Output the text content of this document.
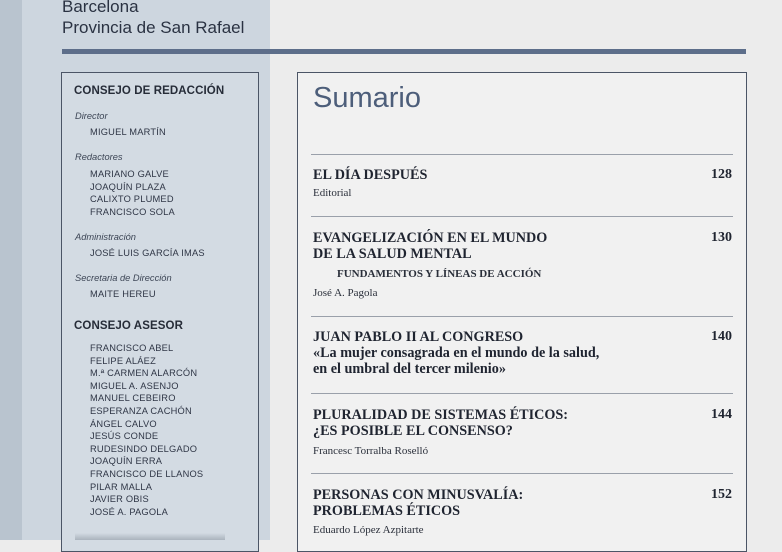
Barcelona
Provincia de San Rafael
CONSEJO DE REDACCIÓN
Director
MIGUEL MARTÍN
Redactores
MARIANO GALVE
JOAQUÍN PLAZA
CALIXTO PLUMED
FRANCISCO SOLA
Administración
JOSÉ LUIS GARCÍA IMAS
Secretaria de Dirección
MAITE HEREU
CONSEJO ASESOR
FRANCISCO ABEL
FELIPE ALÁEZ
M.ª CARMEN ALARCÓN
MIGUEL A. ASENJO
MANUEL CEBEIRO
ESPERANZA CACHÓN
ÁNGEL CALVO
JESÚS CONDE
RUDESINDO DELGADO
JOAQUÍN ERRA
FRANCISCO DE LLANOS
PILAR MALLA
JAVIER OBIS
JOSÉ A. PAGOLA
Sumario
EL DÍA DESPUÉS	128
Editorial
EVANGELIZACIÓN EN EL MUNDO
DE LA SALUD MENTAL
130
FUNDAMENTOS Y LÍNEAS DE ACCIÓN
José A. Pagola
JUAN PABLO II AL CONGRESO
«La mujer consagrada en el mundo de la salud,
en el umbral del tercer milenio»
140
PLURALIDAD DE SISTEMAS ÉTICOS:
¿ES POSIBLE EL CONSENSO?
144
Francesc Torralba Roselló
PERSONAS CON MINUSVALÍA:
PROBLEMAS ÉTICOS
152
Eduardo López Azpitarte
